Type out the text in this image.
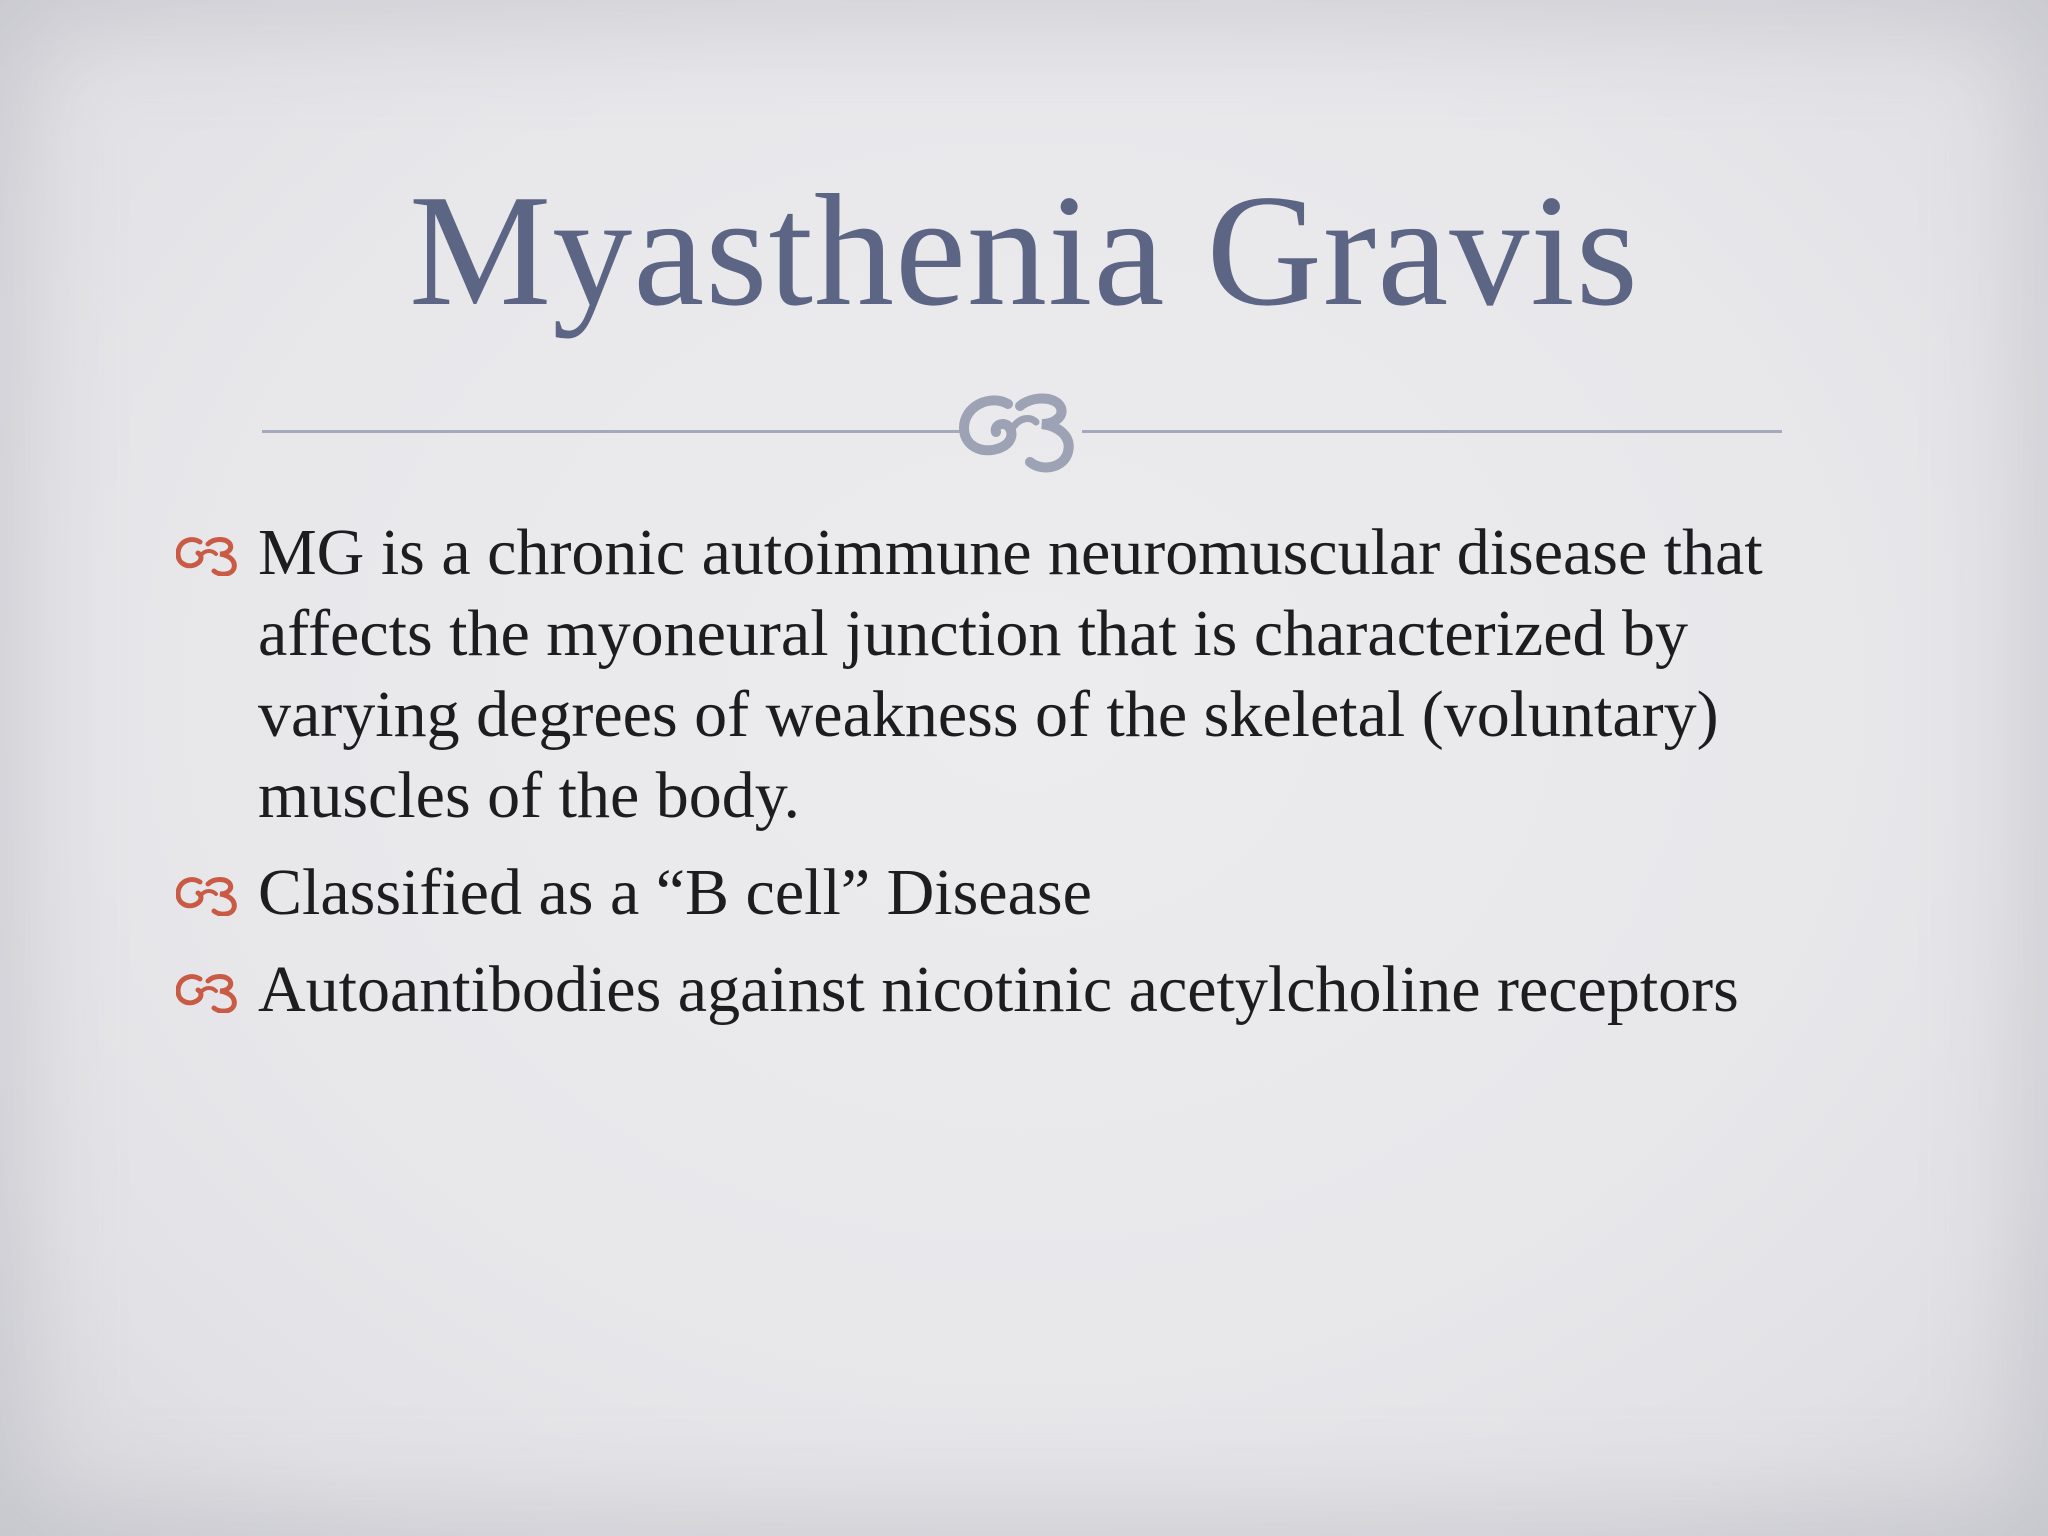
Myasthenia Gravis
MG is a chronic autoimmune neuromuscular disease that affects the myoneural junction that is characterized by varying degrees of weakness of the skeletal (voluntary) muscles of the body.
Classified as a “B cell” Disease
Autoantibodies against nicotinic acetylcholine receptors
